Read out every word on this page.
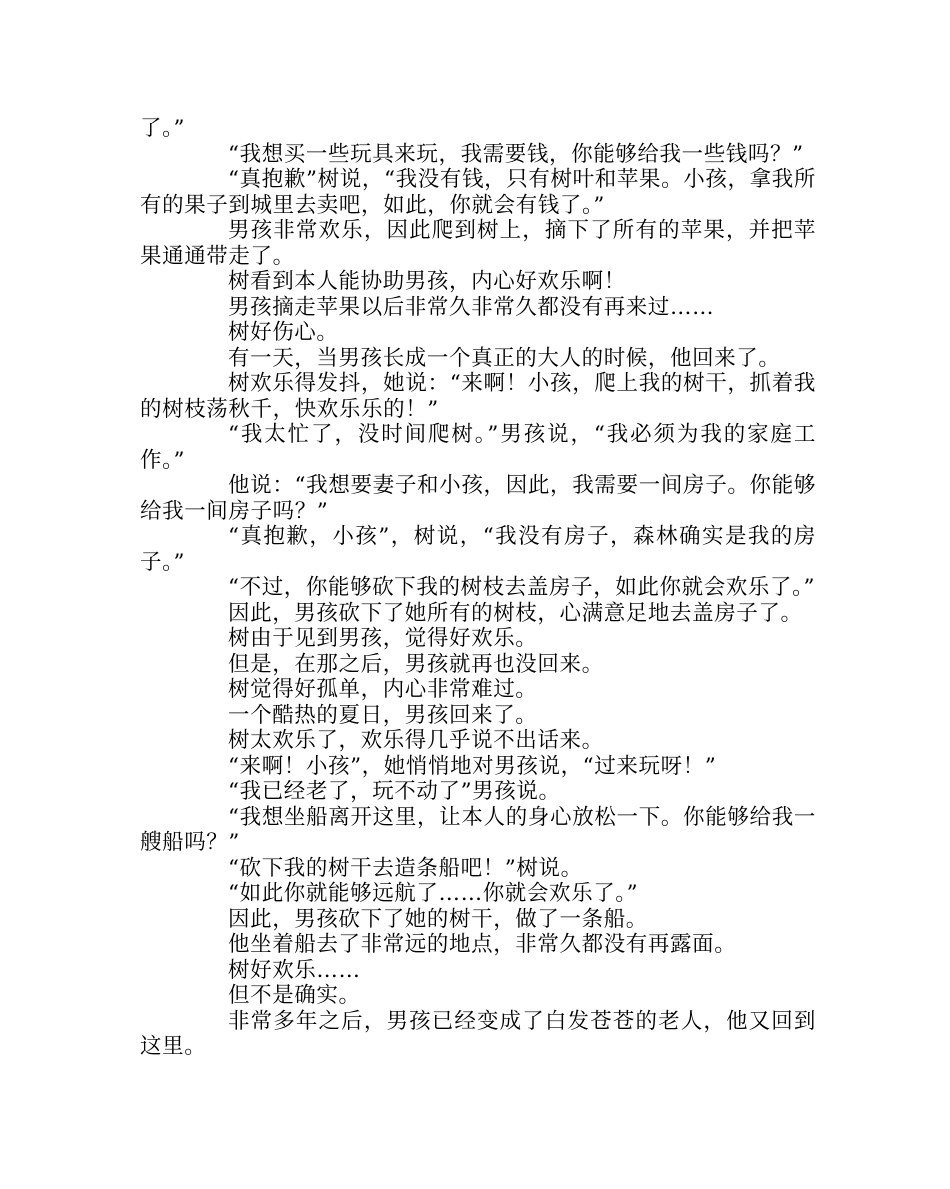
了。”

“我想买一些玩具来玩，我需要钱，你能够给我一些钱吗？”

“真抱歉”树说，“我没有钱，只有树叶和苹果。小孩，拿我所有的果子到城里去卖吧，如此，你就会有钱了。”

男孩非常欢乐，因此爬到树上，摘下了所有的苹果，并把苹果通通带走了。

树看到本人能协助男孩，内心好欢乐啊！

男孩摘走苹果以后非常久非常久都没有再来过……

树好伤心。

有一天，当男孩长成一个真正的大人的时候，他回来了。

树欢乐得发抖，她说：“来啊！小孩，爬上我的树干，抓着我的树枝荡秋千，快欢乐乐的！”

“我太忙了，没时间爬树。”男孩说，“我必须为我的家庭工作。”

他说：“我想要妻子和小孩，因此，我需要一间房子。你能够给我一间房子吗？”

“真抱歉，小孩”，树说，“我没有房子，森林确实是我的房子。”

“不过，你能够砍下我的树枝去盖房子，如此你就会欢乐了。”

因此，男孩砍下了她所有的树枝，心满意足地去盖房子了。

树由于见到男孩，觉得好欢乐。

但是，在那之后，男孩就再也没回来。

树觉得好孤单，内心非常难过。

一个酷热的夏日，男孩回来了。

树太欢乐了，欢乐得几乎说不出话来。

“来啊！小孩”，她悄悄地对男孩说，“过来玩呀！”

“我已经老了，玩不动了”男孩说。

“我想坐船离开这里，让本人的身心放松一下。你能够给我一艘船吗？”

“砍下我的树干去造条船吧！”树说。

“如此你就能够远航了……你就会欢乐了。”

因此，男孩砍下了她的树干，做了一条船。

他坐着船去了非常远的地点，非常久都没有再露面。

树好欢乐……

但不是确实。

非常多年之后，男孩已经变成了白发苍苍的老人，他又回到这里。
